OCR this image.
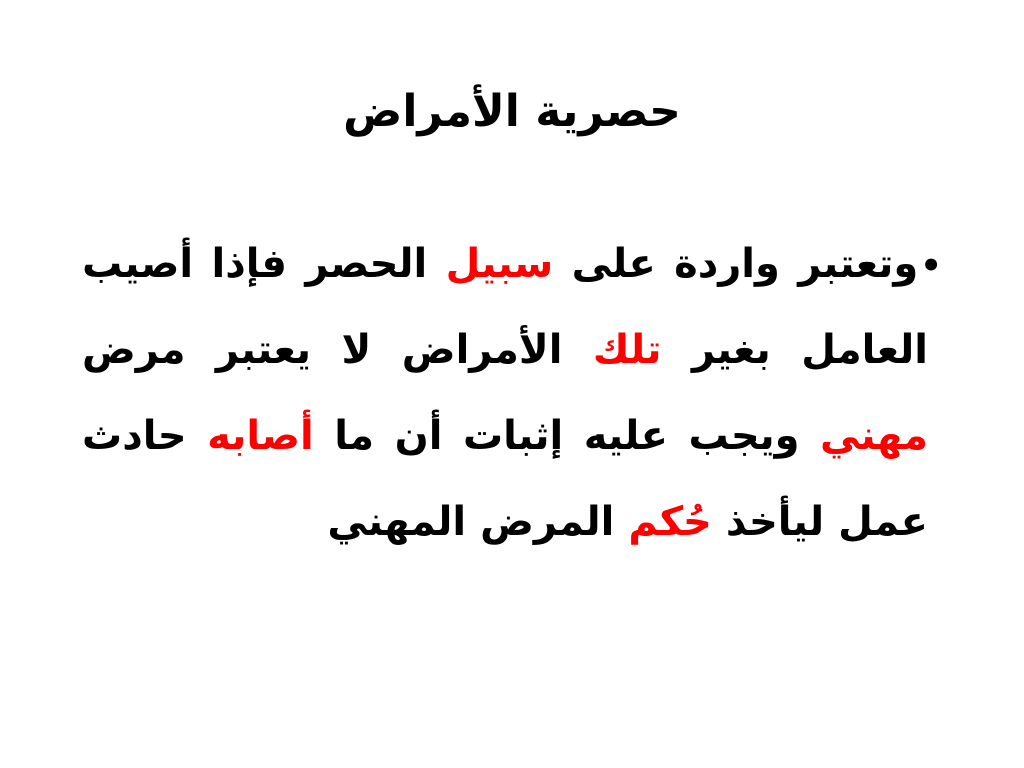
حصرية الأمراض
•وتعتبر
واردة
على
سبيل
الحصر
فإذا
أصيب
العامل
بغير
تلك
الأمراض
لا
يعتبر
مرض
مهني
ويجب
عليه
إثبات
أن
ما
أصابه
حادث
عمل
ليأخذ
حُكم
المرض
المهني
